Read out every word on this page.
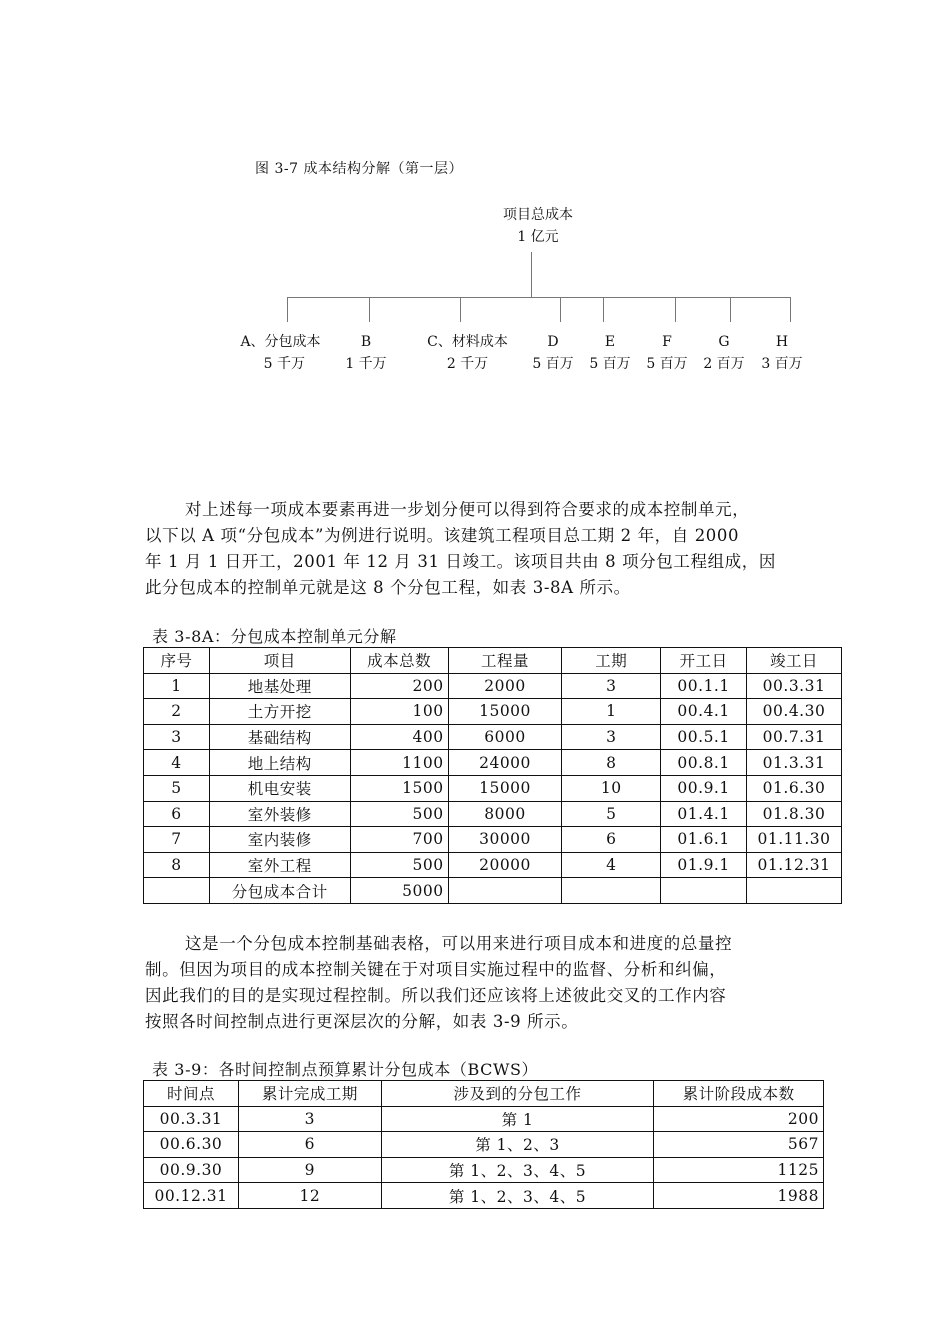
图 3-7 成本结构分解（第一层）
项目总成本
1 亿元
A、分包成本
5 千万
B
1 千万
C、材料成本
2 千万
D
5 百万
E
5 百万
F
5 百万
G
2 百万
H
3 百万

对上述每一项成本要素再进一步划分便可以得到符合要求的成本控制单元，

以下以 A 项“分包成本”为例进行说明。该建筑工程项目总工期 2 年，自 2000

年 1 月 1 日开工，2001 年 12 月 31 日竣工。该项目共由 8 项分包工程组成，因

此分包成本的控制单元就是这 8 个分包工程，如表 3-8A 所示。

表 3-8A：分包成本控制单元分解
序号	项目	成本总数	工程量	工期	开工日	竣工日
1	地基处理	200	2000	3	00.1.1	00.3.31
2	土方开挖	100	15000	1	00.4.1	00.4.30
3	基础结构	400	6000	3	00.5.1	00.7.31
4	地上结构	1100	24000	8	00.8.1	01.3.31
5	机电安装	1500	15000	10	00.9.1	01.6.30
6	室外装修	500	8000	5	01.4.1	01.8.30
7	室内装修	700	30000	6	01.6.1	01.11.30
8	室外工程	500	20000	4	01.9.1	01.12.31
	分包成本合计	5000				

这是一个分包成本控制基础表格，可以用来进行项目成本和进度的总量控

制。但因为项目的成本控制关键在于对项目实施过程中的监督、分析和纠偏，

因此我们的目的是实现过程控制。所以我们还应该将上述彼此交叉的工作内容

按照各时间控制点进行更深层次的分解，如表 3-9 所示。

表 3-9：各时间控制点预算累计分包成本（BCWS）
时间点	累计完成工期	涉及到的分包工作	累计阶段成本数
00.3.31	3	第 1	200
00.6.30	6	第 1、2、3	567
00.9.30	9	第 1、2、3、4、5	1125
00.12.31	12	第 1、2、3、4、5	1988
